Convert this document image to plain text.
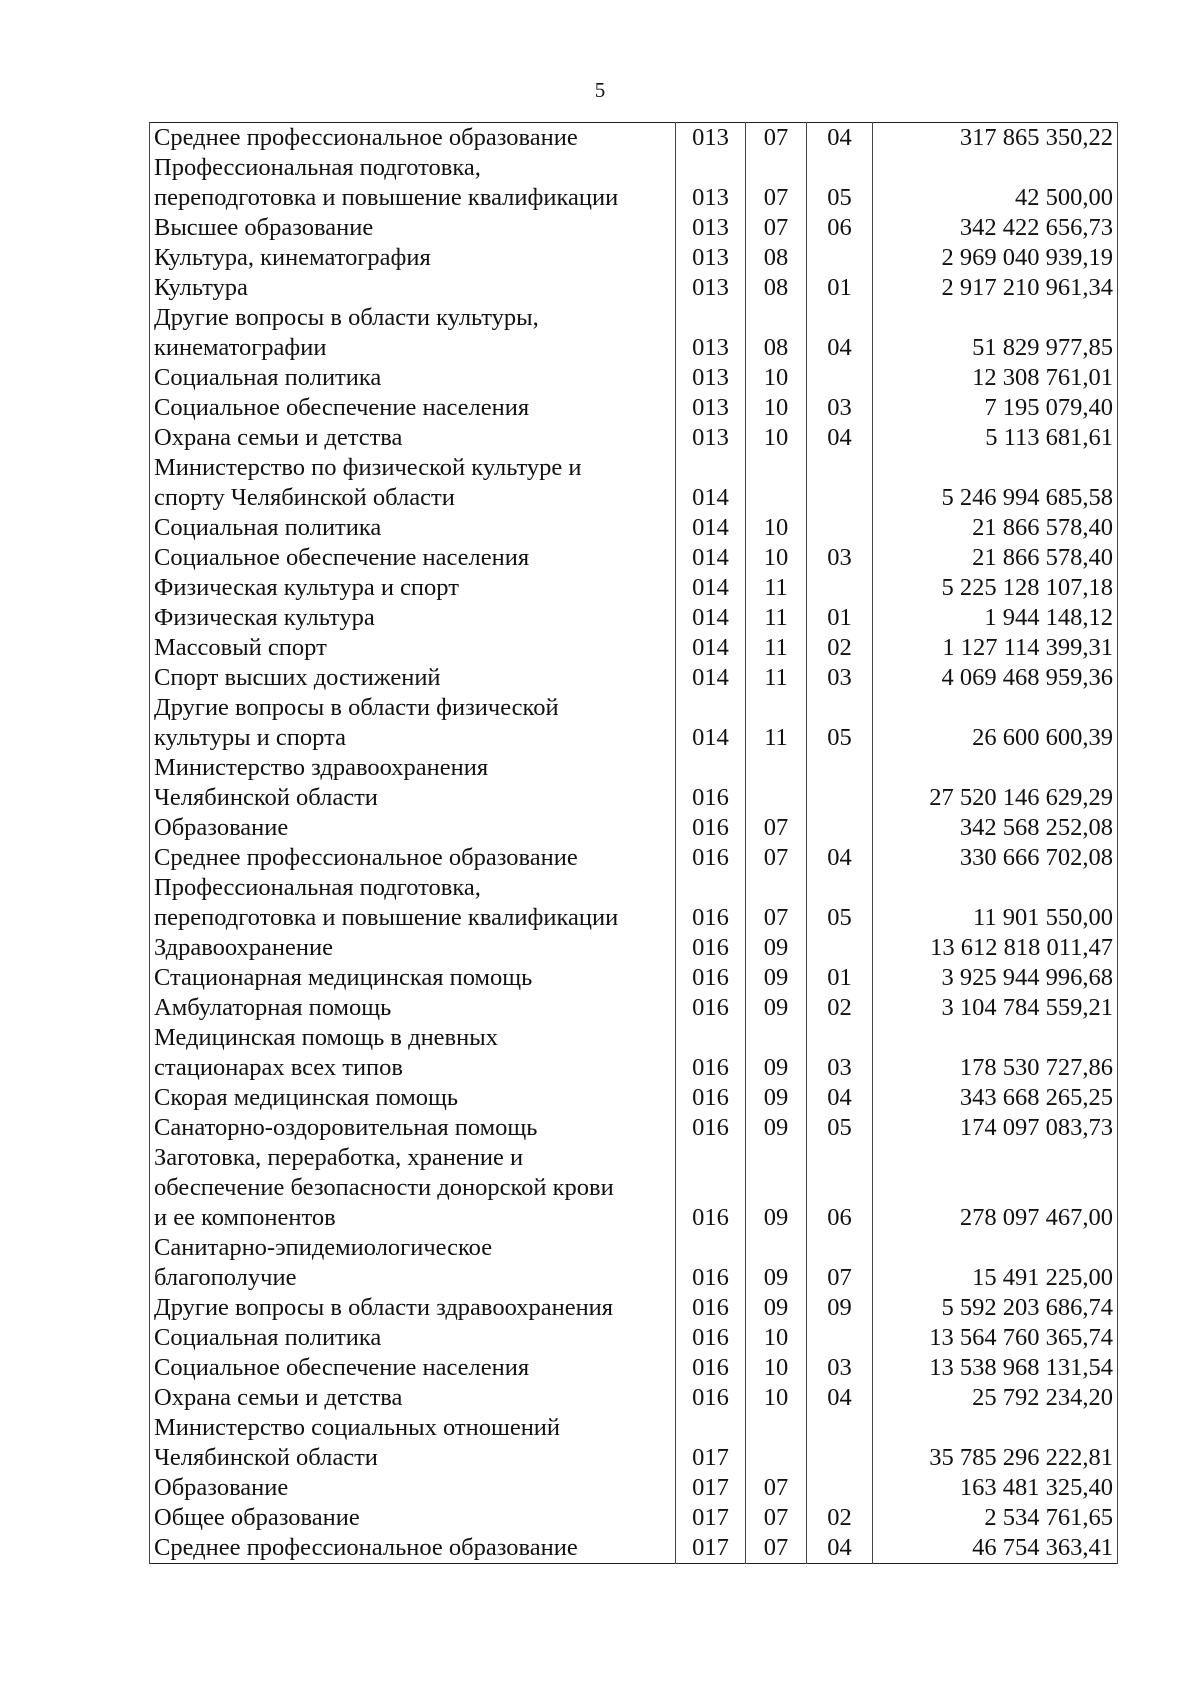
5
Среднее профессиональное образование	013	07	04	317 865 350,22

Профессиональная подготовка,
переподготовка и повышение квалификации	013	07	05	42 500,00

Высшее образование	013	07	06	342 422 656,73

Культура, кинематография	013	08		2 969 040 939,19

Культура	013	08	01	2 917 210 961,34

Другие вопросы в области культуры,
кинематографии	013	08	04	51 829 977,85

Социальная политика	013	10		12 308 761,01

Социальное обеспечение населения	013	10	03	7 195 079,40

Охрана семьи и детства	013	10	04	5 113 681,61

Министерство по физической культуре и
спорту Челябинской области	014			5 246 994 685,58

Социальная политика	014	10		21 866 578,40

Социальное обеспечение населения	014	10	03	21 866 578,40

Физическая культура и спорт	014	11		5 225 128 107,18

Физическая культура	014	11	01	1 944 148,12

Массовый спорт	014	11	02	1 127 114 399,31

Спорт высших достижений	014	11	03	4 069 468 959,36

Другие вопросы в области физической
культуры и спорта	014	11	05	26 600 600,39

Министерство здравоохранения
Челябинской области	016			27 520 146 629,29

Образование	016	07		342 568 252,08

Среднее профессиональное образование	016	07	04	330 666 702,08

Профессиональная подготовка,
переподготовка и повышение квалификации	016	07	05	11 901 550,00

Здравоохранение	016	09		13 612 818 011,47

Стационарная медицинская помощь	016	09	01	3 925 944 996,68

Амбулаторная помощь	016	09	02	3 104 784 559,21

Медицинская помощь в дневных
стационарах всех типов	016	09	03	178 530 727,86

Скорая медицинская помощь	016	09	04	343 668 265,25

Санаторно-оздоровительная помощь	016	09	05	174 097 083,73

Заготовка, переработка, хранение и
обеспечение безопасности донорской крови
и ее компонентов	016	09	06	278 097 467,00

Санитарно-эпидемиологическое
благополучие	016	09	07	15 491 225,00

Другие вопросы в области здравоохранения	016	09	09	5 592 203 686,74

Социальная политика	016	10		13 564 760 365,74

Социальное обеспечение населения	016	10	03	13 538 968 131,54

Охрана семьи и детства	016	10	04	25 792 234,20

Министерство социальных отношений
Челябинской области	017			35 785 296 222,81

Образование	017	07		163 481 325,40

Общее образование	017	07	02	2 534 761,65

Среднее профессиональное образование	017	07	04	46 754 363,41
